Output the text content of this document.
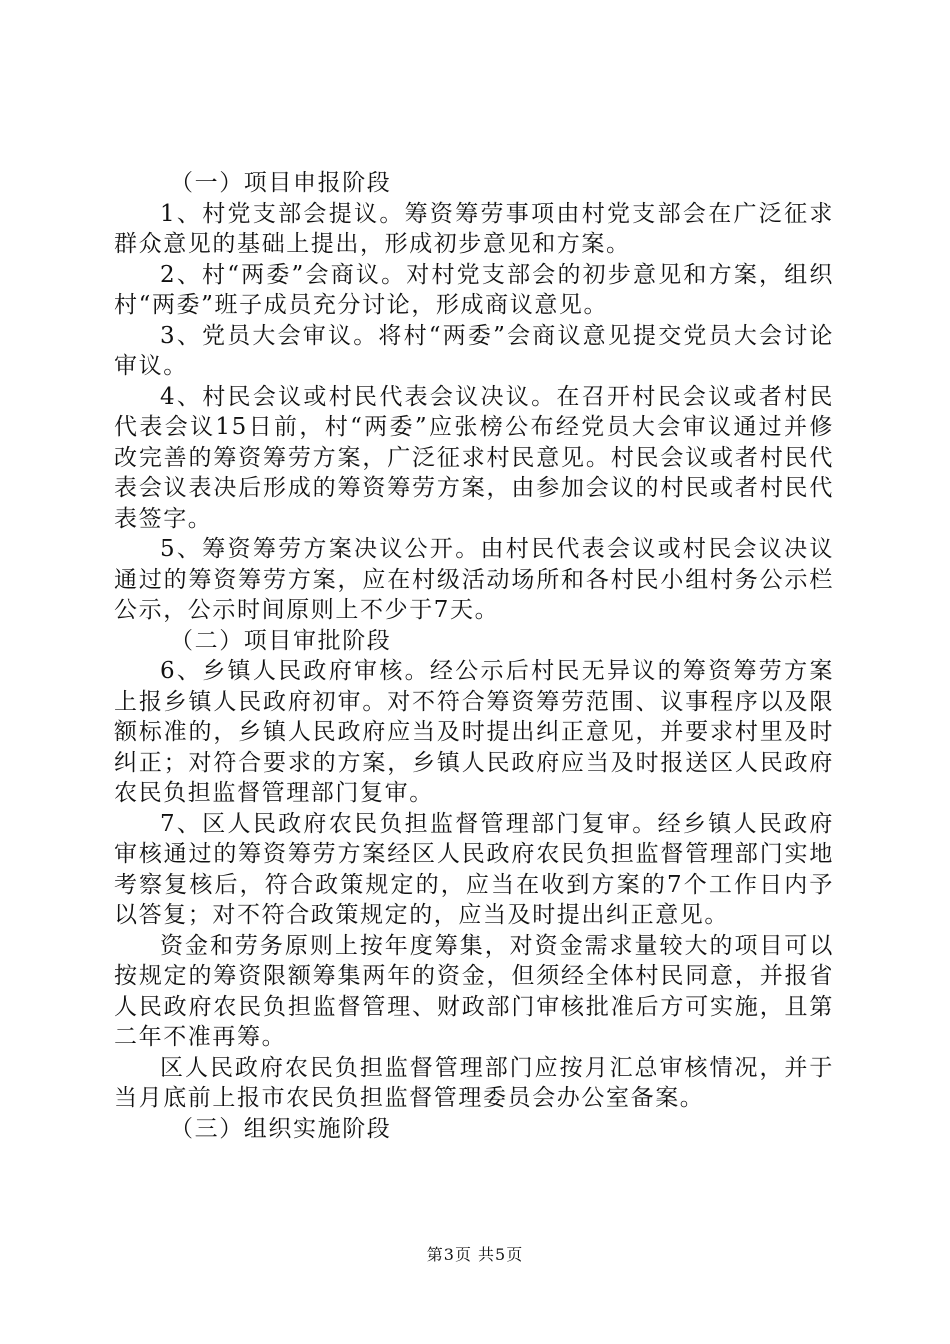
（一）项目申报阶段

1、村党支部会提议。筹资筹劳事项由村党支部会在广泛征求群众意见的基础上提出，形成初步意见和方案。

2、村“两委”会商议。对村党支部会的初步意见和方案，组织村“两委”班子成员充分讨论，形成商议意见。

3、党员大会审议。将村“两委”会商议意见提交党员大会讨论审议。

4、村民会议或村民代表会议决议。在召开村民会议或者村民代表会议15日前，村“两委”应张榜公布经党员大会审议通过并修改完善的筹资筹劳方案，广泛征求村民意见。村民会议或者村民代表会议表决后形成的筹资筹劳方案，由参加会议的村民或者村民代表签字。

5、筹资筹劳方案决议公开。由村民代表会议或村民会议决议通过的筹资筹劳方案，应在村级活动场所和各村民小组村务公示栏公示，公示时间原则上不少于7天。

（二）项目审批阶段

6、乡镇人民政府审核。经公示后村民无异议的筹资筹劳方案上报乡镇人民政府初审。对不符合筹资筹劳范围、议事程序以及限额标准的，乡镇人民政府应当及时提出纠正意见，并要求村里及时纠正；对符合要求的方案，乡镇人民政府应当及时报送区人民政府农民负担监督管理部门复审。

7、区人民政府农民负担监督管理部门复审。经乡镇人民政府审核通过的筹资筹劳方案经区人民政府农民负担监督管理部门实地考察复核后，符合政策规定的，应当在收到方案的7个工作日内予以答复；对不符合政策规定的，应当及时提出纠正意见。

资金和劳务原则上按年度筹集，对资金需求量较大的项目可以按规定的筹资限额筹集两年的资金，但须经全体村民同意，并报省人民政府农民负担监督管理、财政部门审核批准后方可实施，且第二年不准再筹。

区人民政府农民负担监督管理部门应按月汇总审核情况，并于当月底前上报市农民负担监督管理委员会办公室备案。

（三）组织实施阶段

第3页 共5页
